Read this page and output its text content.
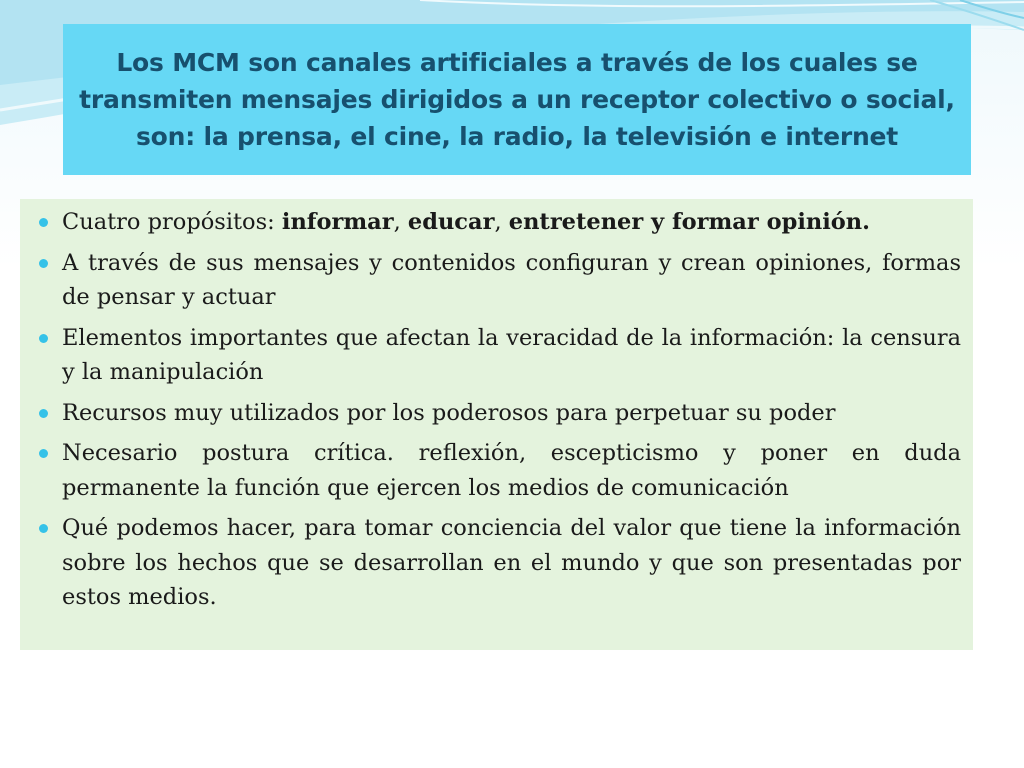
Los MCM son canales artificiales a través de los cuales se transmiten mensajes dirigidos a un receptor colectivo o social, son: la prensa, el cine, la radio, la televisión e internet
Cuatro propósitos: informar, educar, entretener y formar opinión.
A través de sus mensajes y contenidos configuran y crean opiniones, formas de pensar y actuar
Elementos importantes que afectan la veracidad de la información: la censura y la manipulación
Recursos muy utilizados por los poderosos para perpetuar su poder
Necesario postura crítica. reflexión, escepticismo y poner en duda permanente la función que ejercen los medios de comunicación
Qué podemos hacer, para tomar conciencia del valor que tiene la información sobre los hechos que se desarrollan en el mundo y que son presentadas por estos medios.
